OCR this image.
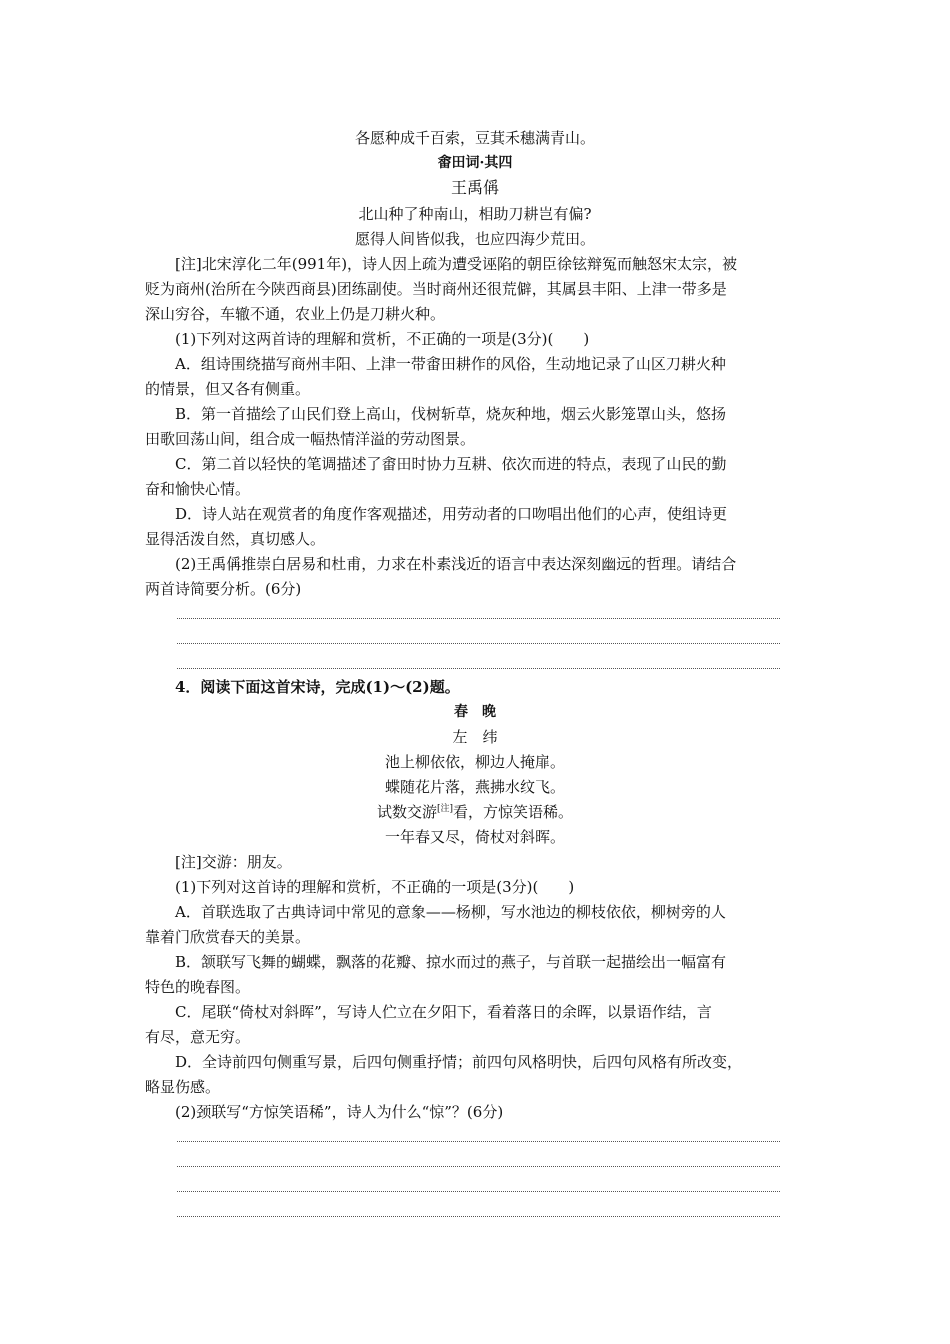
各愿种成千百索，豆萁禾穗满青山。
畬田词·其四
王禹偁
北山种了种南山，相助刀耕岂有偏?
愿得人间皆似我，也应四海少荒田。
[注]北宋淳化二年(991年)，诗人因上疏为遭受诬陷的朝臣徐铉辩冤而触怒宋太宗，被
贬为商州(治所在今陕西商县)团练副使。当时商州还很荒僻，其属县丰阳、上津一带多是
深山穷谷，车辙不通，农业上仍是刀耕火种。
(1)下列对这两首诗的理解和赏析，不正确的一项是(3分)(　　)
A．组诗围绕描写商州丰阳、上津一带畬田耕作的风俗，生动地记录了山区刀耕火种
的情景，但又各有侧重。
B．第一首描绘了山民们登上高山，伐树斩草，烧灰种地，烟云火影笼罩山头，悠扬
田歌回荡山间，组合成一幅热情洋溢的劳动图景。
C．第二首以轻快的笔调描述了畬田时协力互耕、依次而进的特点，表现了山民的勤
奋和愉快心情。
D．诗人站在观赏者的角度作客观描述，用劳动者的口吻唱出他们的心声，使组诗更
显得活泼自然，真切感人。
(2)王禹偁推崇白居易和杜甫，力求在朴素浅近的语言中表达深刻幽远的哲理。请结合
两首诗简要分析。(6分)
4．阅读下面这首宋诗，完成(1)～(2)题。
春　晚
左　纬
池上柳依依，柳边人掩扉。
蝶随花片落，燕拂水纹飞。
试数交游[注]看，方惊笑语稀。
一年春又尽，倚杖对斜晖。
[注]交游：朋友。
(1)下列对这首诗的理解和赏析，不正确的一项是(3分)(　　)
A．首联选取了古典诗词中常见的意象——杨柳，写水池边的柳枝依依，柳树旁的人
靠着门欣赏春天的美景。
B．颔联写飞舞的蝴蝶，飘落的花瓣、掠水而过的燕子，与首联一起描绘出一幅富有
特色的晚春图。
C．尾联“倚杖对斜晖”，写诗人伫立在夕阳下，看着落日的余晖，以景语作结，言
有尽，意无穷。
D．全诗前四句侧重写景，后四句侧重抒情；前四句风格明快，后四句风格有所改变，
略显伤感。
(2)颈联写“方惊笑语稀”，诗人为什么“惊”？(6分)
